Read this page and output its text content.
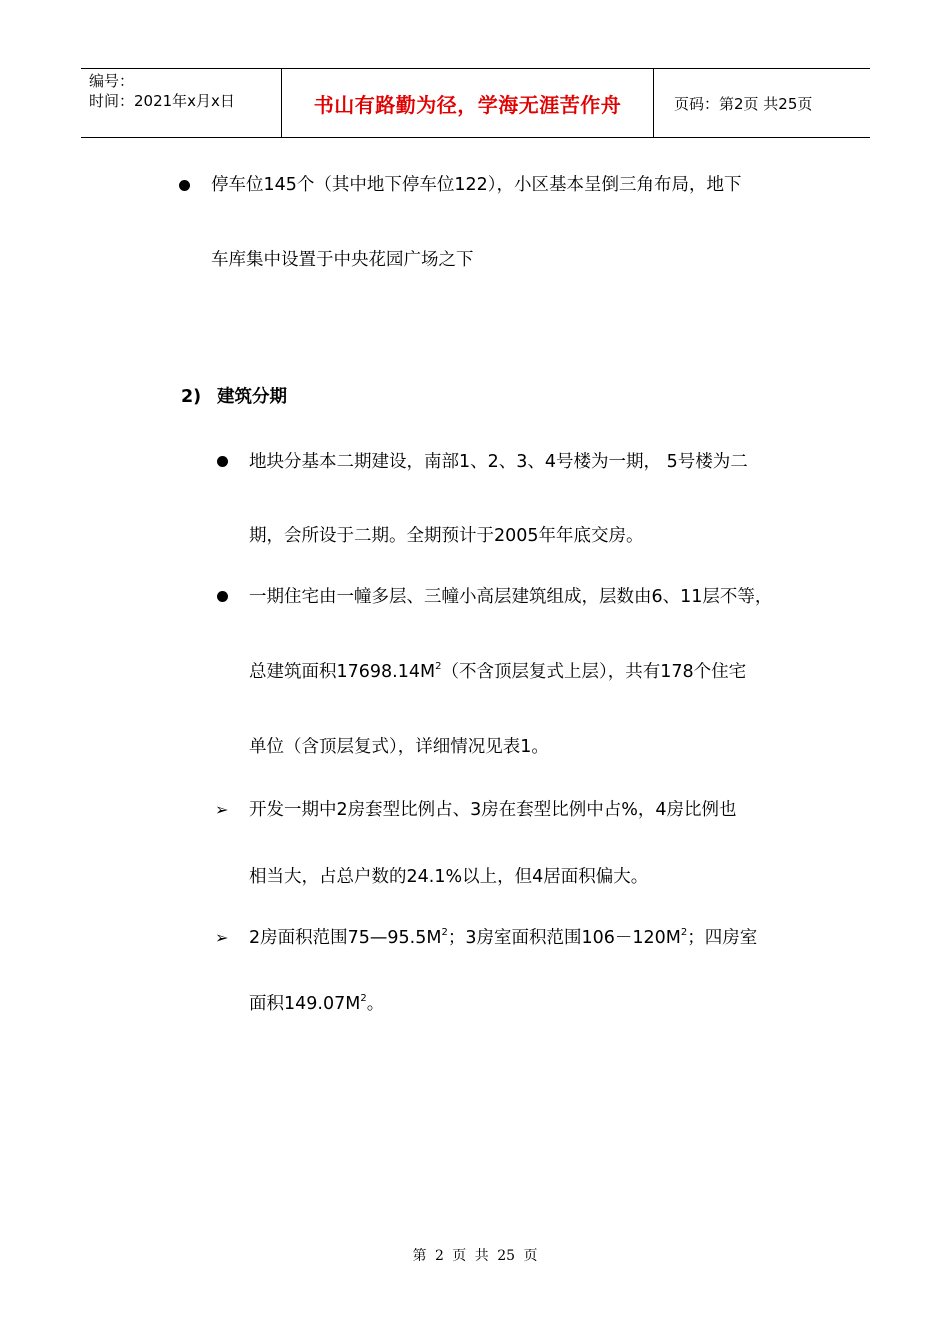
编号：
时间：2021年x月x日	书山有路勤为径，学海无涯苦作舟	页码：第2页 共25页
停车位145个（其中地下停车位122），小区基本呈倒三角布局，地下
车库集中设置于中央花园广场之下
2) 建筑分期
地块分基本二期建设，南部1、2、3、4号楼为一期， 5号楼为二
期，会所设于二期。全期预计于2005年年底交房。
一期住宅由一幢多层、三幢小高层建筑组成，层数由6、11层不等，
总建筑面积$17698.14M^2$（不含顶层复式上层），共有178个住宅
单位（含顶层复式），详细情况见表1。
➢ 开发一期中2房套型比例占、3房在套型比例中占%，4房比例也
相当大，占总户数的24.1%以上，但4居面积偏大。
➢ 2房面积范围$75—95.5M^2$；3房室面积范围$106-120M^2$；四房室
面积$149.07M^2$。
第 2 页 共 25 页
